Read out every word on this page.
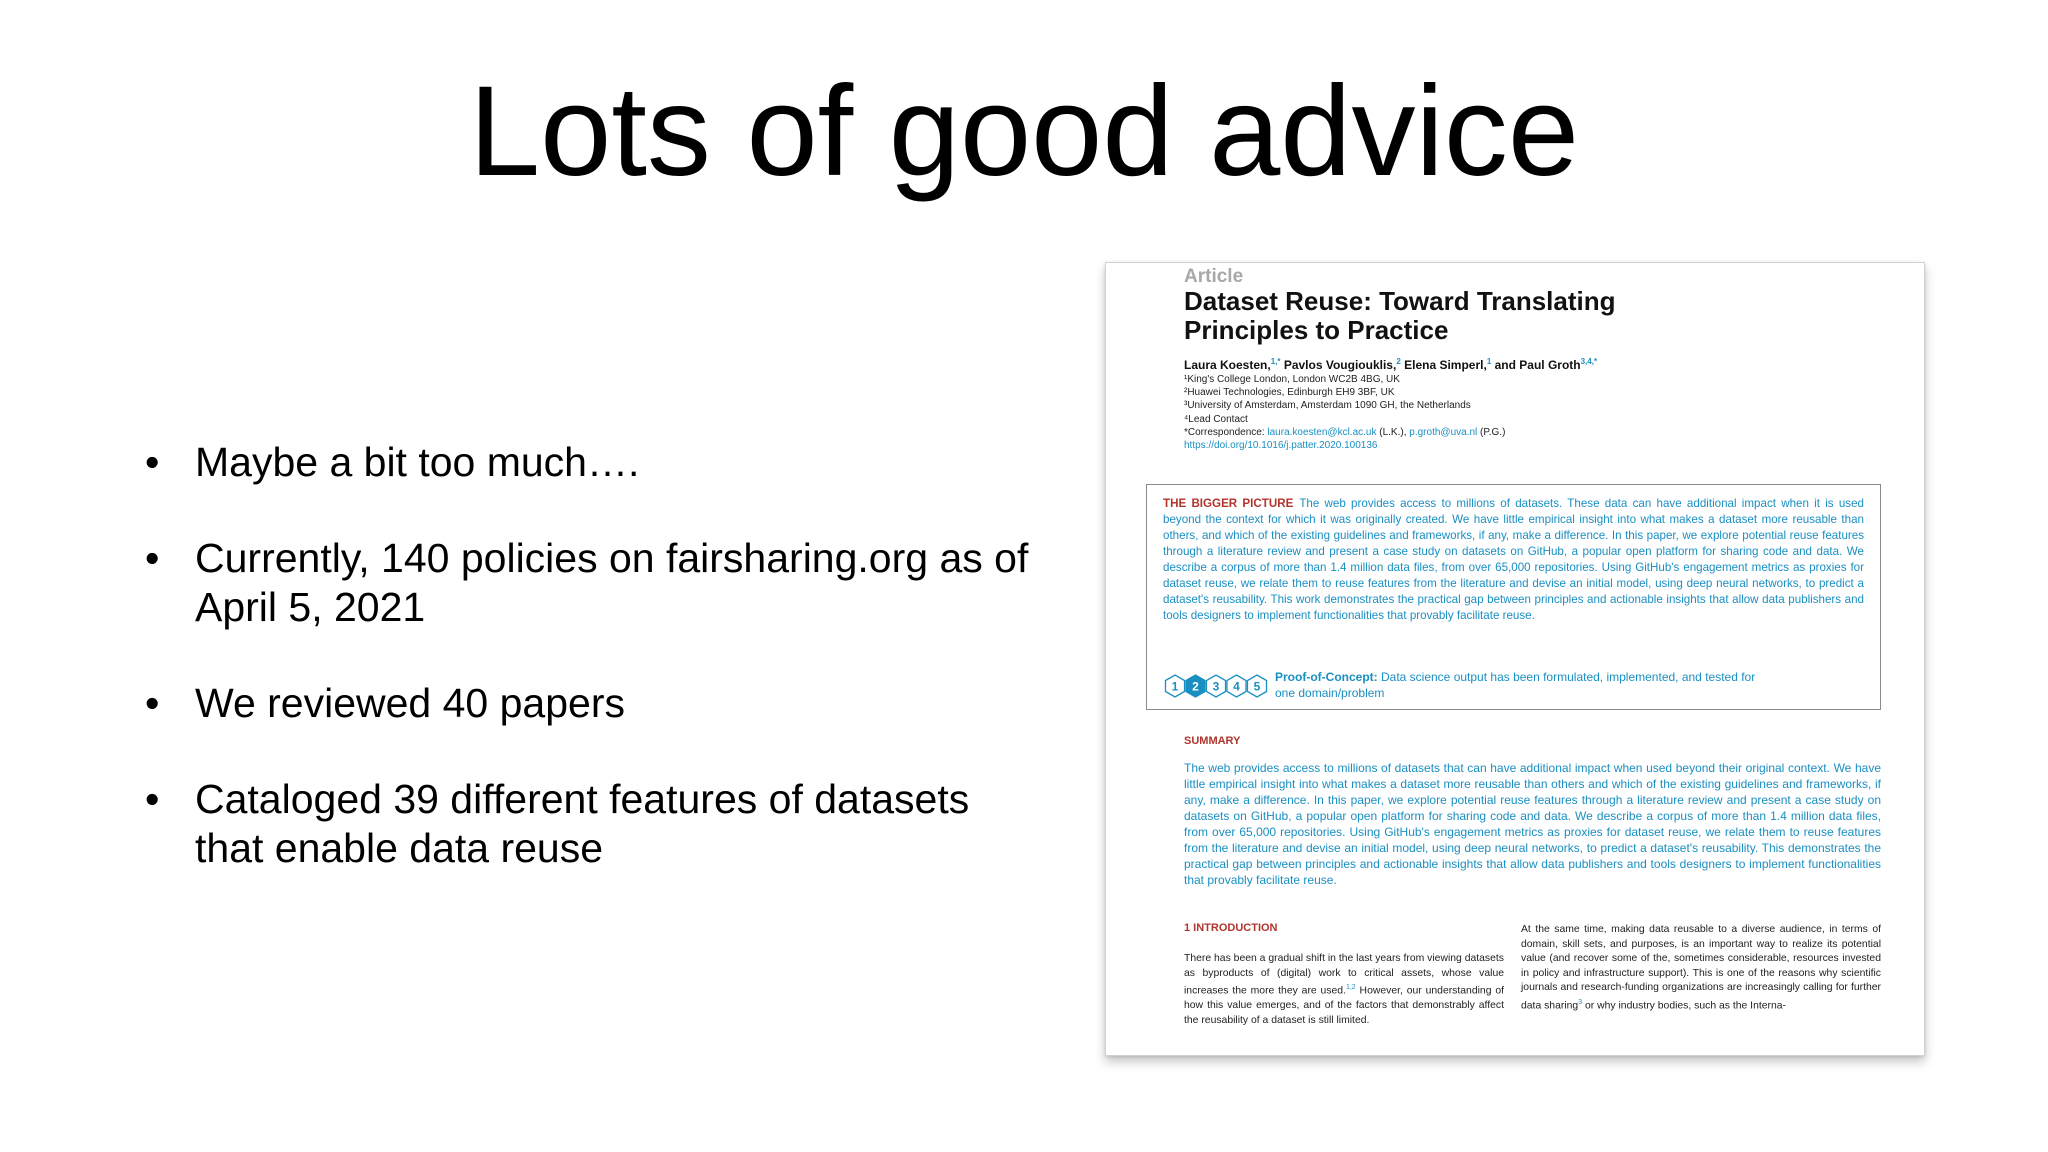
Lots of good advice
• Maybe a bit too much….
• Currently, 140 policies on fairsharing.org as of April 5, 2021
• We reviewed 40 papers
• Cataloged 39 different features of datasets that enable data reuse
Article
Dataset Reuse: Toward Translating
Principles to Practice
Laura Koesten,$^{1,*}$ Pavlos Vougiouklis,$^2$ Elena Simperl,$^1$ and Paul Groth$^{3,4,*}$
¹King's College London, London WC2B 4BG, UK
²Huawei Technologies, Edinburgh EH9 3BF, UK
³University of Amsterdam, Amsterdam 1090 GH, the Netherlands
⁴Lead Contact
*Correspondence: laura.koesten@kcl.ac.uk (L.K.), p.groth@uva.nl (P.G.)
https://doi.org/10.1016/j.patter.2020.100136
THE BIGGER PICTURE The web provides access to millions of datasets. These data can have additional impact when it is used beyond the context for which it was originally created. We have little empirical insight into what makes a dataset more reusable than others, and which of the existing guidelines and frameworks, if any, make a difference. In this paper, we explore potential reuse features through a literature review and present a case study on datasets on GitHub, a popular open platform for sharing code and data. We describe a corpus of more than 1.4 million data files, from over 65,000 repositories. Using GitHub's engagement metrics as proxies for dataset reuse, we relate them to reuse features from the literature and devise an initial model, using deep neural networks, to predict a dataset's reusability. This work demonstrates the practical gap between principles and actionable insights that allow data publishers and tools designers to implement functionalities that provably facilitate reuse.
1 2 3 4 5
Proof-of-Concept: Data science output has been formulated, implemented, and tested for one domain/problem
SUMMARY
The web provides access to millions of datasets that can have additional impact when used beyond their original context. We have little empirical insight into what makes a dataset more reusable than others and which of the existing guidelines and frameworks, if any, make a difference. In this paper, we explore potential reuse features through a literature review and present a case study on datasets on GitHub, a popular open platform for sharing code and data. We describe a corpus of more than 1.4 million data files, from over 65,000 repositories. Using GitHub's engagement metrics as proxies for dataset reuse, we relate them to reuse features from the literature and devise an initial model, using deep neural networks, to predict a dataset's reusability. This demonstrates the practical gap between principles and actionable insights that allow data publishers and tools designers to implement functionalities that provably facilitate reuse.
1 INTRODUCTION
There has been a gradual shift in the last years from viewing datasets as byproducts of (digital) work to critical assets, whose value increases the more they are used.$^{1,2}$ However, our understanding of how this value emerges, and of the factors that demonstrably affect the reusability of a dataset is still limited.
At the same time, making data reusable to a diverse audience, in terms of domain, skill sets, and purposes, is an important way to realize its potential value (and recover some of the, sometimes considerable, resources invested in policy and infrastructure support). This is one of the reasons why scientific journals and research-funding organizations are increasingly calling for further data sharing$^3$ or why industry bodies, such as the Interna-
